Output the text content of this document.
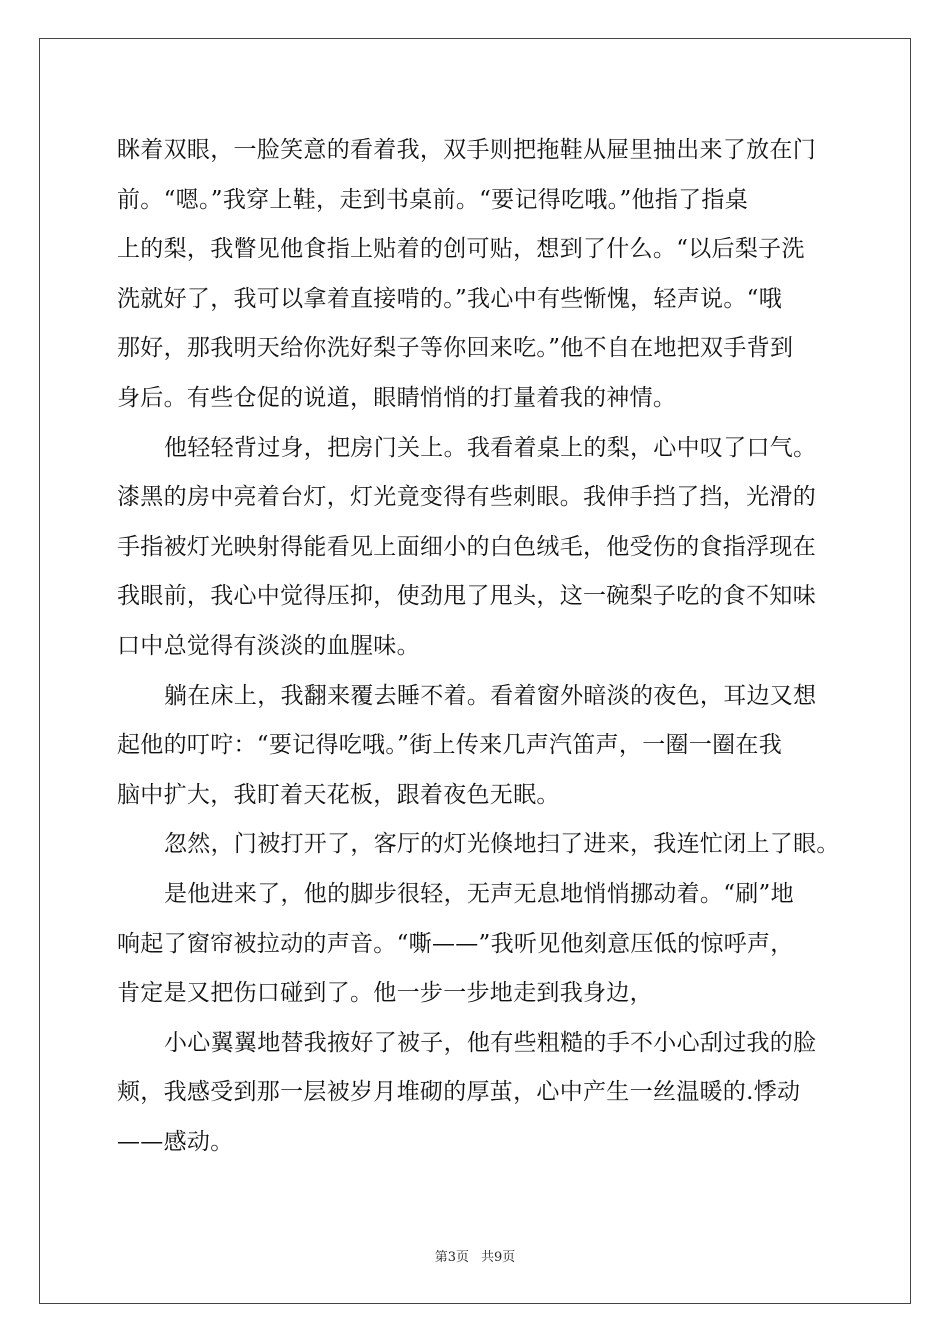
眯着双眼，一脸笑意的看着我，双手则把拖鞋从屉里抽出来了放在门
前。“嗯。”我穿上鞋，走到书桌前。“要记得吃哦。”他指了指桌
上的梨，我瞥见他食指上贴着的创可贴，想到了什么。“以后梨子洗
洗就好了，我可以拿着直接啃的。”我心中有些惭愧，轻声说。“哦
那好，那我明天给你洗好梨子等你回来吃。”他不自在地把双手背到
身后。有些仓促的说道，眼睛悄悄的打量着我的神情。
他轻轻背过身，把房门关上。我看着桌上的梨，心中叹了口气。
漆黑的房中亮着台灯，灯光竟变得有些刺眼。我伸手挡了挡，光滑的
手指被灯光映射得能看见上面细小的白色绒毛，他受伤的食指浮现在
我眼前，我心中觉得压抑，使劲甩了甩头，这一碗梨子吃的食不知味
口中总觉得有淡淡的血腥味。
躺在床上，我翻来覆去睡不着。看着窗外暗淡的夜色，耳边又想
起他的叮咛：“要记得吃哦。”街上传来几声汽笛声，一圈一圈在我
脑中扩大，我盯着天花板，跟着夜色无眠。
忽然，门被打开了，客厅的灯光倏地扫了进来，我连忙闭上了眼。
是他进来了，他的脚步很轻，无声无息地悄悄挪动着。“刷”地
响起了窗帘被拉动的声音。“嘶——”我听见他刻意压低的惊呼声，
肯定是又把伤口碰到了。他一步一步地走到我身边，
小心翼翼地替我掖好了被子，他有些粗糙的手不小心刮过我的脸
颊，我感受到那一层被岁月堆砌的厚茧，心中产生一丝温暖的.悸动
——感动。
第3页 共9页
